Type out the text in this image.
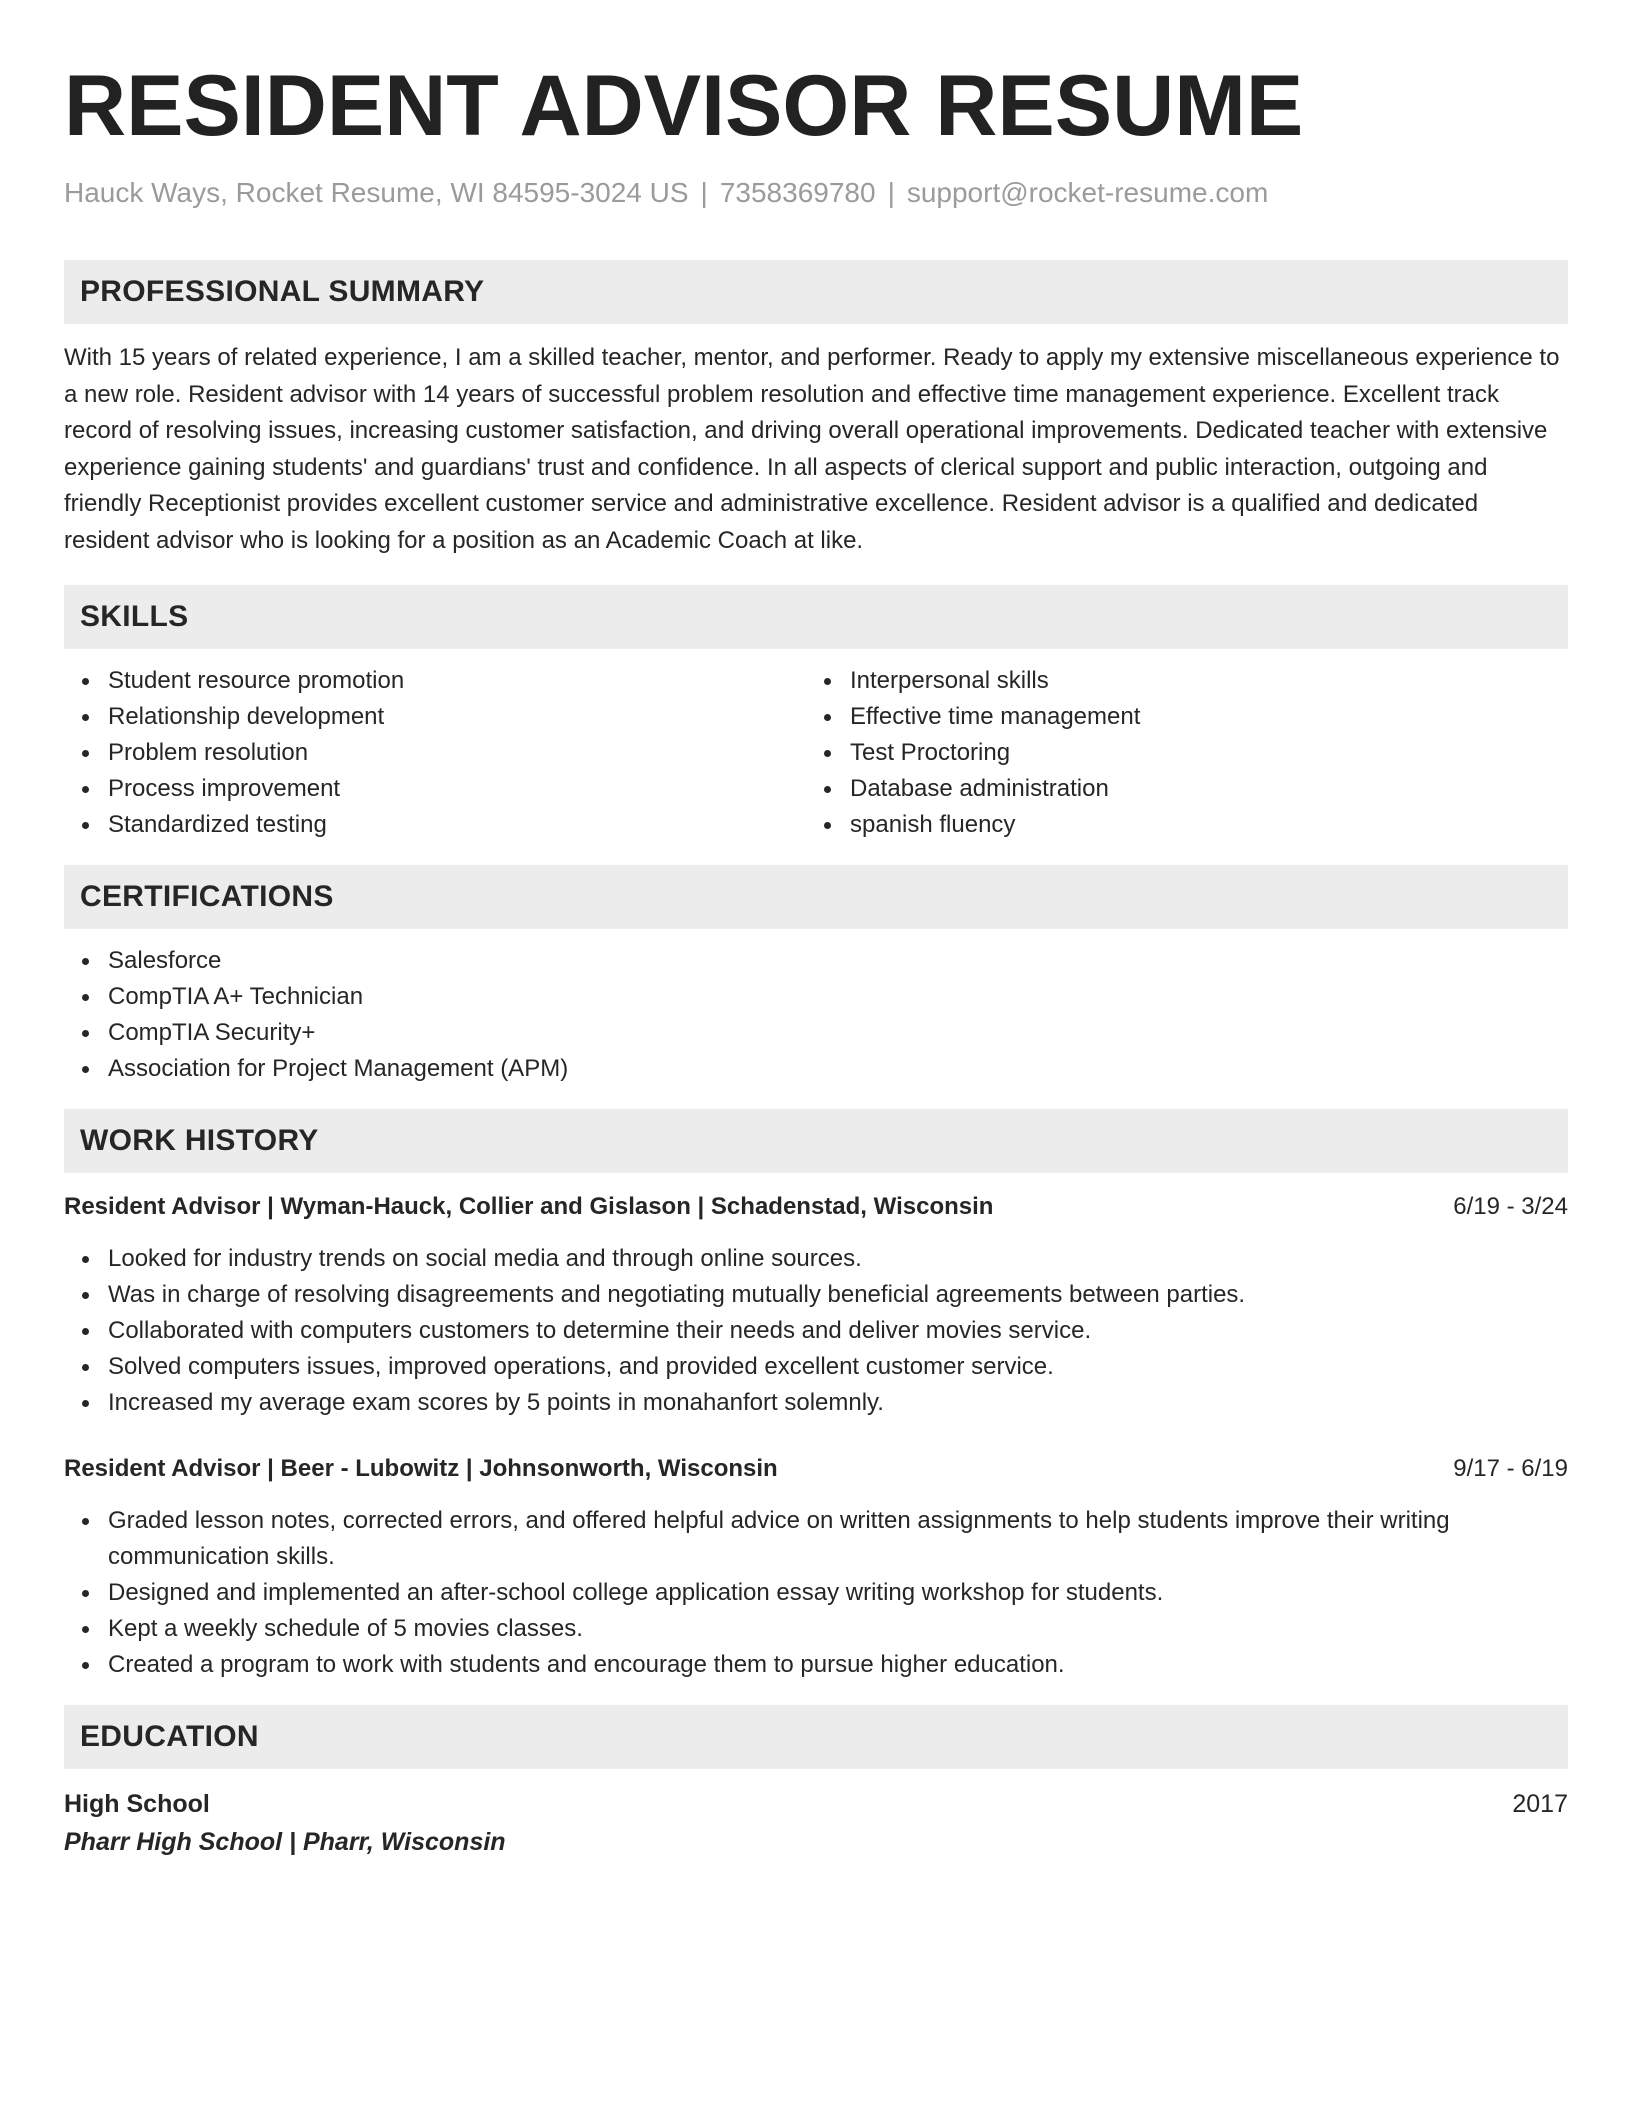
RESIDENT ADVISOR RESUME
Hauck Ways, Rocket Resume, WI 84595-3024 US | 7358369780 | support@rocket-resume.com
PROFESSIONAL SUMMARY

With 15 years of related experience, I am a skilled teacher, mentor, and performer. Ready to apply my extensive miscellaneous experience to a new role. Resident advisor with 14 years of successful problem resolution and effective time management experience. Excellent track record of resolving issues, increasing customer satisfaction, and driving overall operational improvements. Dedicated teacher with extensive experience gaining students' and guardians' trust and confidence. In all aspects of clerical support and public interaction, outgoing and friendly Receptionist provides excellent customer service and administrative excellence. Resident advisor is a qualified and dedicated resident advisor who is looking for a position as an Academic Coach at like.

SKILLS
Student resource promotion
Relationship development
Problem resolution
Process improvement
Standardized testing
Interpersonal skills
Effective time management
Test Proctoring
Database administration
spanish fluency
CERTIFICATIONS
Salesforce
CompTIA A+ Technician
CompTIA Security+
Association for Project Management (APM)
WORK HISTORY
Resident Advisor | Wyman-Hauck, Collier and Gislason | Schadenstad, Wisconsin	6/19 - 3/24
Looked for industry trends on social media and through online sources.
Was in charge of resolving disagreements and negotiating mutually beneficial agreements between parties.
Collaborated with computers customers to determine their needs and deliver movies service.
Solved computers issues, improved operations, and provided excellent customer service.
Increased my average exam scores by 5 points in monahanfort solemnly.
Resident Advisor | Beer - Lubowitz | Johnsonworth, Wisconsin	9/17 - 6/19
Graded lesson notes, corrected errors, and offered helpful advice on written assignments to help students improve their writing communication skills.
Designed and implemented an after-school college application essay writing workshop for students.
Kept a weekly schedule of 5 movies classes.
Created a program to work with students and encourage them to pursue higher education.
EDUCATION
High School	2017
Pharr High School | Pharr, Wisconsin
